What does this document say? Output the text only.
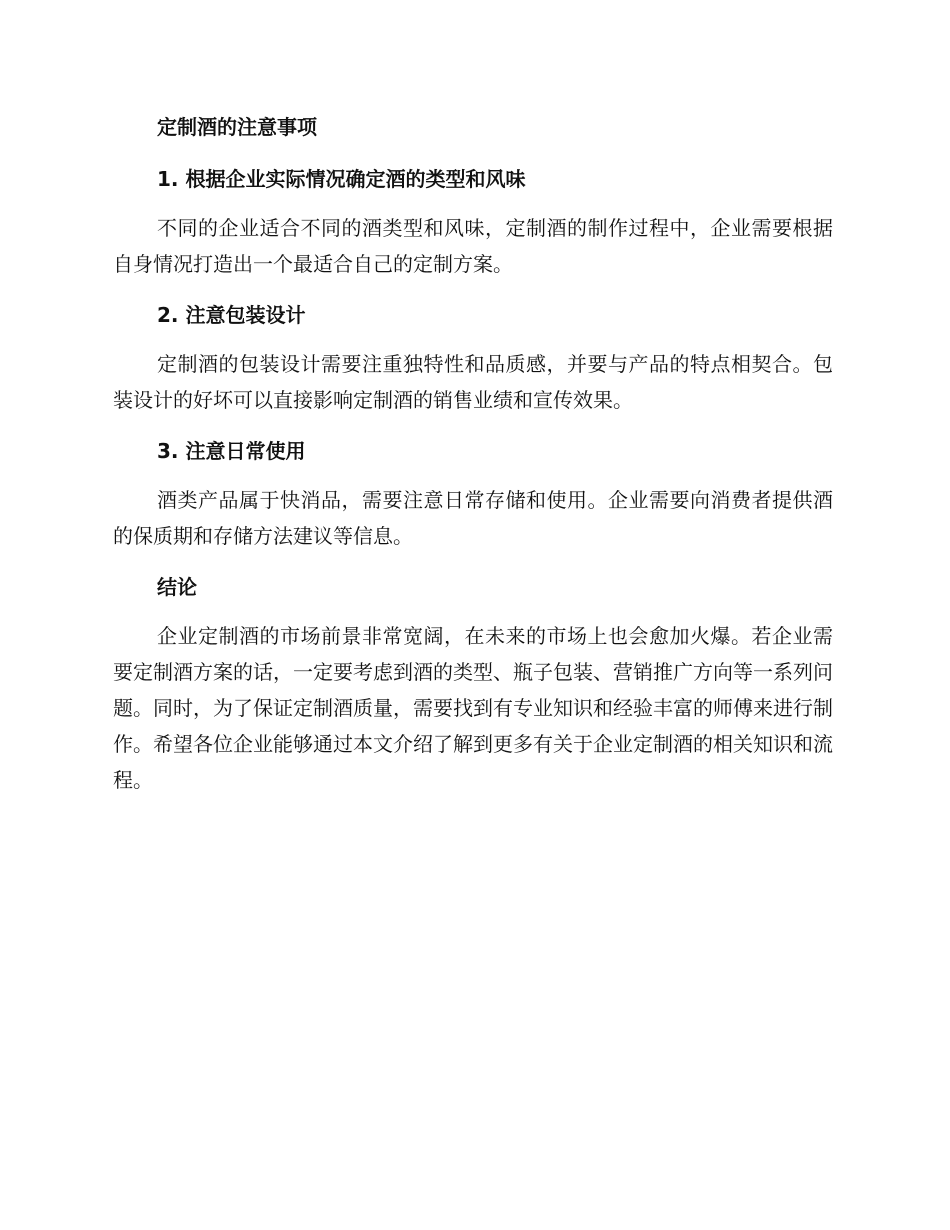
定制酒的注意事项
1. 根据企业实际情况确定酒的类型和风味

不同的企业适合不同的酒类型和风味，定制酒的制作过程中，企业需要根据自身情况打造出一个最适合自己的定制方案。

2. 注意包装设计

定制酒的包装设计需要注重独特性和品质感，并要与产品的特点相契合。包装设计的好坏可以直接影响定制酒的销售业绩和宣传效果。

3. 注意日常使用

酒类产品属于快消品，需要注意日常存储和使用。企业需要向消费者提供酒的保质期和存储方法建议等信息。

结论

企业定制酒的市场前景非常宽阔，在未来的市场上也会愈加火爆。若企业需要定制酒方案的话，一定要考虑到酒的类型、瓶子包装、营销推广方向等一系列问题。同时，为了保证定制酒质量，需要找到有专业知识和经验丰富的师傅来进行制作。希望各位企业能够通过本文介绍了解到更多有关于企业定制酒的相关知识和流程。
